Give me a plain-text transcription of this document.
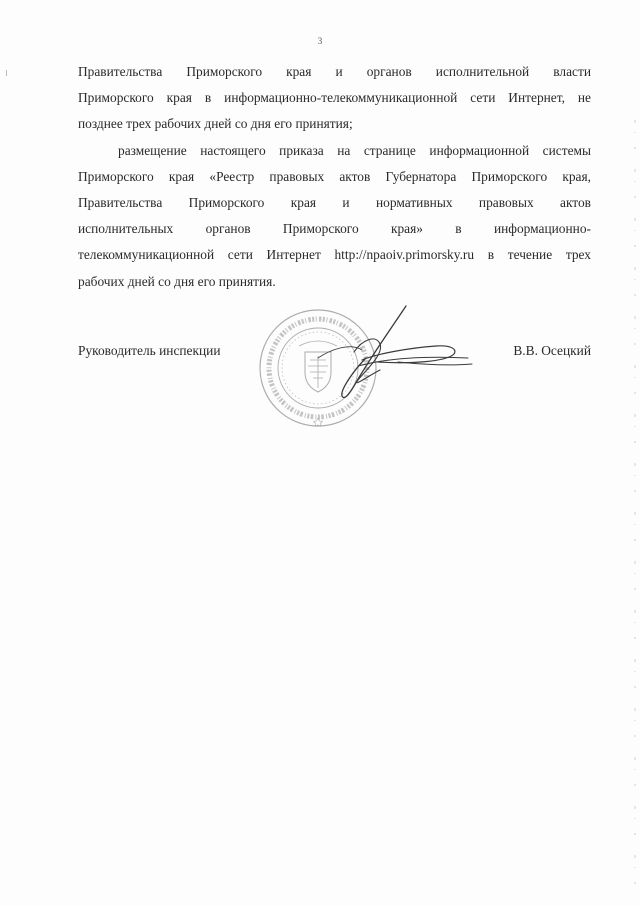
3
Правительства Приморского края и органов исполнительной власти
Приморского края в информационно-телекоммуникационной сети Интернет, не
позднее трех рабочих дней со дня его принятия;
размещение настоящего приказа на странице информационной системы
Приморского края «Реестр правовых актов Губернатора Приморского края,
Правительства Приморского края и нормативных правовых актов
исполнительных органов Приморского края» в информационно-
телекоммуникационной сети Интернет http://npaoiv.primorsky.ru в течение трех
рабочих дней со дня его принятия.
Руководитель инспекции	В.В. Осецкий
